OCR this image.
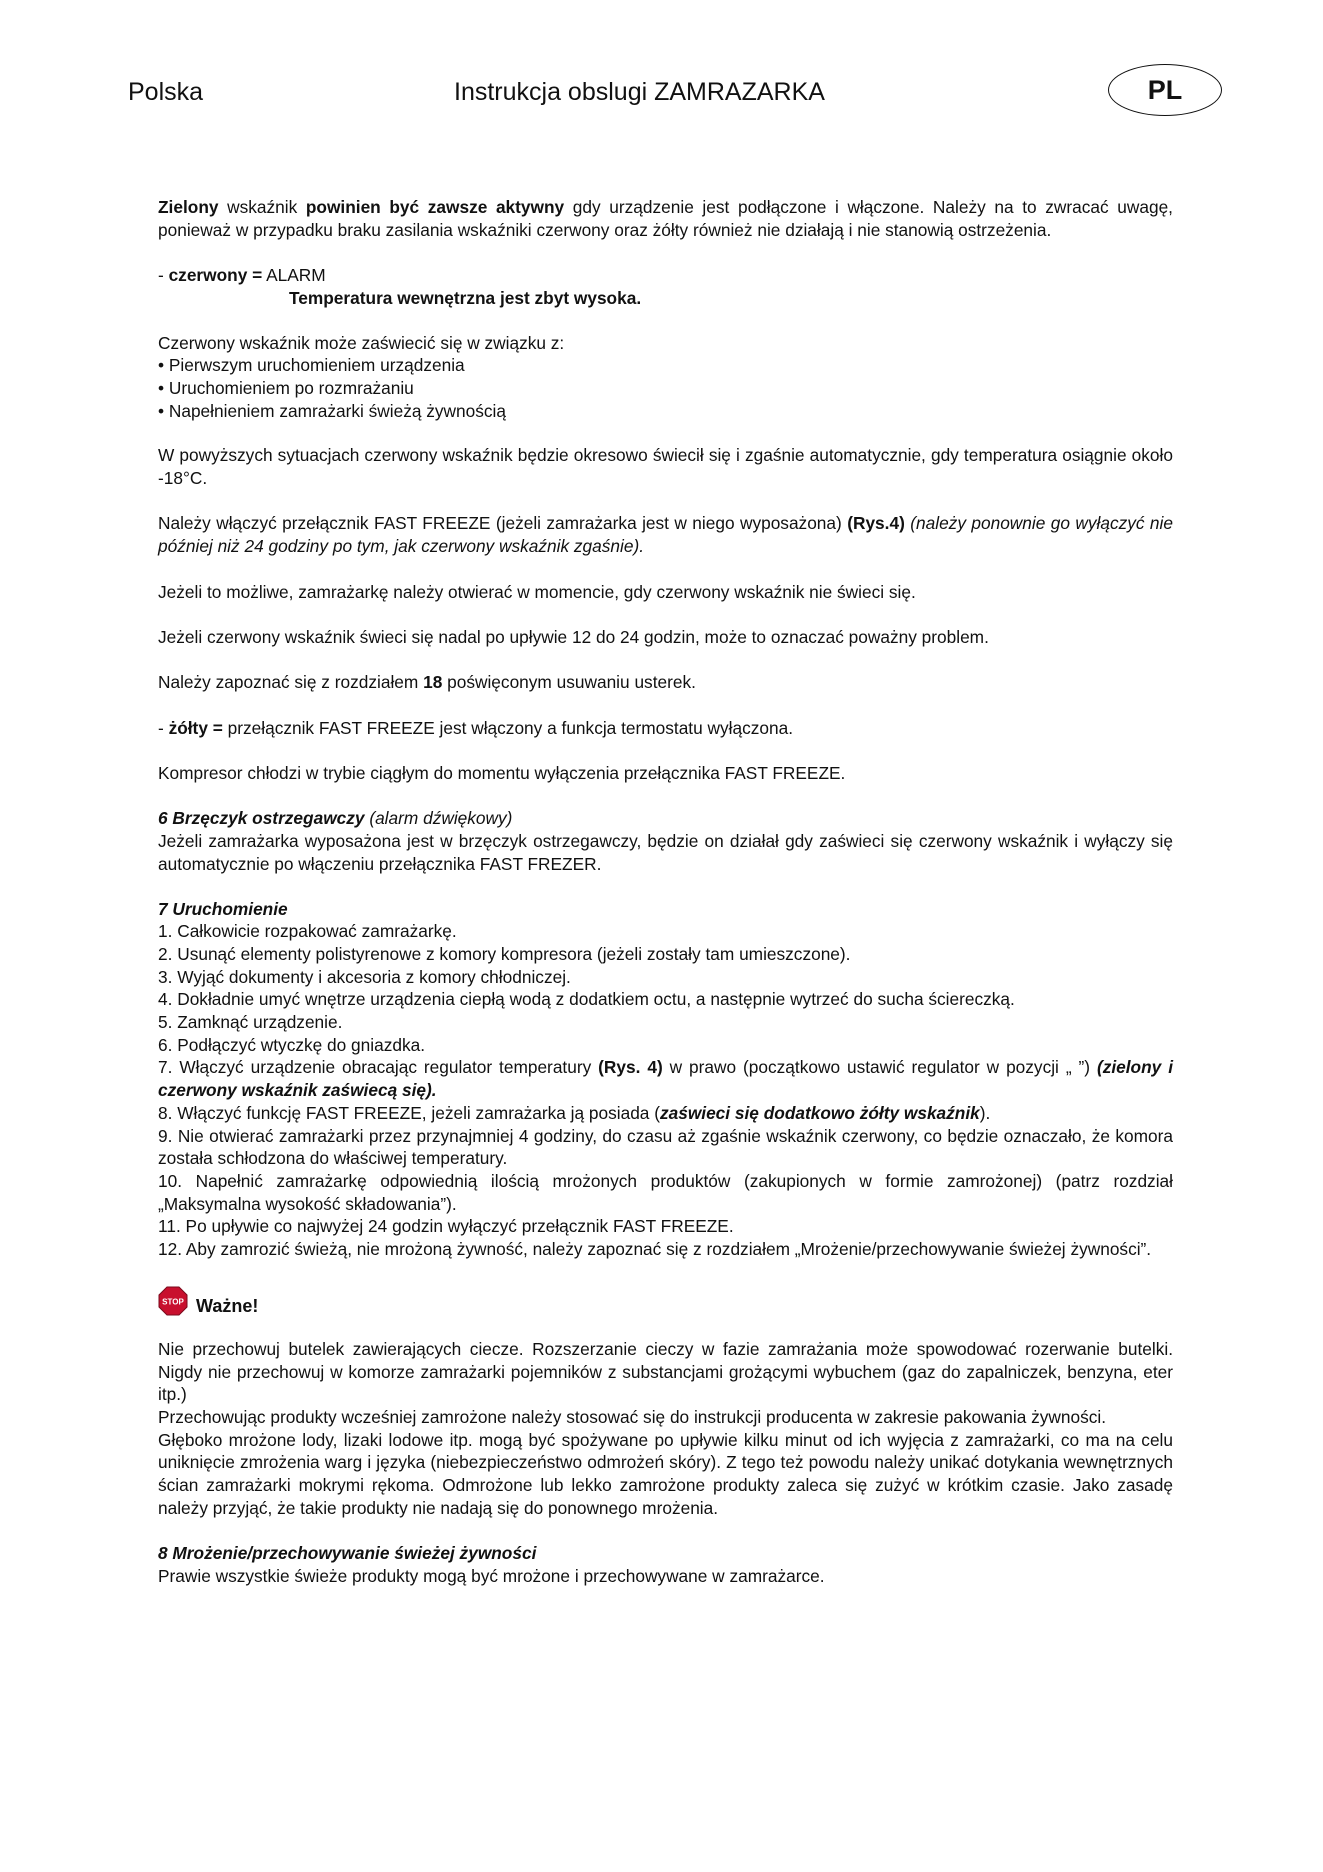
Polska	Instrukcja obslugi ZAMRAZARKA	PL

Zielony wskaźnik powinien być zawsze aktywny gdy urządzenie jest podłączone i włączone. Należy na to zwracać uwagę, ponieważ w przypadku braku zasilania wskaźniki czerwony oraz żółty również nie działają i nie stanowią ostrzeżenia.

- czerwony = ALARM
Temperatura wewnętrzna jest zbyt wysoka.
Czerwony wskaźnik może zaświecić się w związku z:
• Pierwszym uruchomieniem urządzenia
• Uruchomieniem po rozmrażaniu
• Napełnieniem zamrażarki świeżą żywnością

W powyższych sytuacjach czerwony wskaźnik będzie okresowo świecił się i zgaśnie automatycznie, gdy temperatura osiągnie około -18°C.

Należy włączyć przełącznik FAST FREEZE (jeżeli zamrażarka jest w niego wyposażona) (Rys.4) (należy ponownie go wyłączyć nie później niż 24 godziny po tym, jak czerwony wskaźnik zgaśnie).

Jeżeli to możliwe, zamrażarkę należy otwierać w momencie, gdy czerwony wskaźnik nie świeci się.

Jeżeli czerwony wskaźnik świeci się nadal po upływie 12 do 24 godzin, może to oznaczać poważny problem.

Należy zapoznać się z rozdziałem 18 poświęconym usuwaniu usterek.

- żółty = przełącznik FAST FREEZE jest włączony a funkcja termostatu wyłączona.

Kompresor chłodzi w trybie ciągłym do momentu wyłączenia przełącznika FAST FREEZE.

6 Brzęczyk ostrzegawczy (alarm dźwiękowy)
Jeżeli zamrażarka wyposażona jest w brzęczyk ostrzegawczy, będzie on działał gdy zaświeci się czerwony wskaźnik i wyłączy się automatycznie po włączeniu przełącznika FAST FREZER.
7 Uruchomienie
1. Całkowicie rozpakować zamrażarkę.
2. Usunąć elementy polistyrenowe z komory kompresora (jeżeli zostały tam umieszczone).
3. Wyjąć dokumenty i akcesoria z komory chłodniczej.
4. Dokładnie umyć wnętrze urządzenia ciepłą wodą z dodatkiem octu, a następnie wytrzeć do sucha ściereczką.
5. Zamknąć urządzenie.
6. Podłączyć wtyczkę do gniazdka.
7. Włączyć urządzenie obracając regulator temperatury (Rys. 4) w prawo (początkowo ustawić regulator w pozycji „ ”) (zielony i czerwony wskaźnik zaświecą się).
8. Włączyć funkcję FAST FREEZE, jeżeli zamrażarka ją posiada (zaświeci się dodatkowo żółty wskaźnik).
9. Nie otwierać zamrażarki przez przynajmniej 4 godziny, do czasu aż zgaśnie wskaźnik czerwony, co będzie oznaczało, że komora została schłodzona do właściwej temperatury.
10. Napełnić zamrażarkę odpowiednią ilością mrożonych produktów (zakupionych w formie zamrożonej) (patrz rozdział „Maksymalna wysokość składowania”).
11. Po upływie co najwyżej 24 godzin wyłączyć przełącznik FAST FREEZE.
12. Aby zamrozić świeżą, nie mrożoną żywność, należy zapoznać się z rozdziałem „Mrożenie/przechowywanie świeżej żywności”.
STOP Ważne!
Nie przechowuj butelek zawierających ciecze. Rozszerzanie cieczy w fazie zamrażania może spowodować rozerwanie butelki. Nigdy nie przechowuj w komorze zamrażarki pojemników z substancjami grożącymi wybuchem (gaz do zapalniczek, benzyna, eter itp.)
Przechowując produkty wcześniej zamrożone należy stosować się do instrukcji producenta w zakresie pakowania żywności.
Głęboko mrożone lody, lizaki lodowe itp. mogą być spożywane po upływie kilku minut od ich wyjęcia z zamrażarki, co ma na celu uniknięcie zmrożenia warg i języka (niebezpieczeństwo odmrożeń skóry). Z tego też powodu należy unikać dotykania wewnętrznych ścian zamrażarki mokrymi rękoma. Odmrożone lub lekko zamrożone produkty zaleca się zużyć w krótkim czasie. Jako zasadę należy przyjąć, że takie produkty nie nadają się do ponownego mrożenia.
8 Mrożenie/przechowywanie świeżej żywności
Prawie wszystkie świeże produkty mogą być mrożone i przechowywane w zamrażarce.
